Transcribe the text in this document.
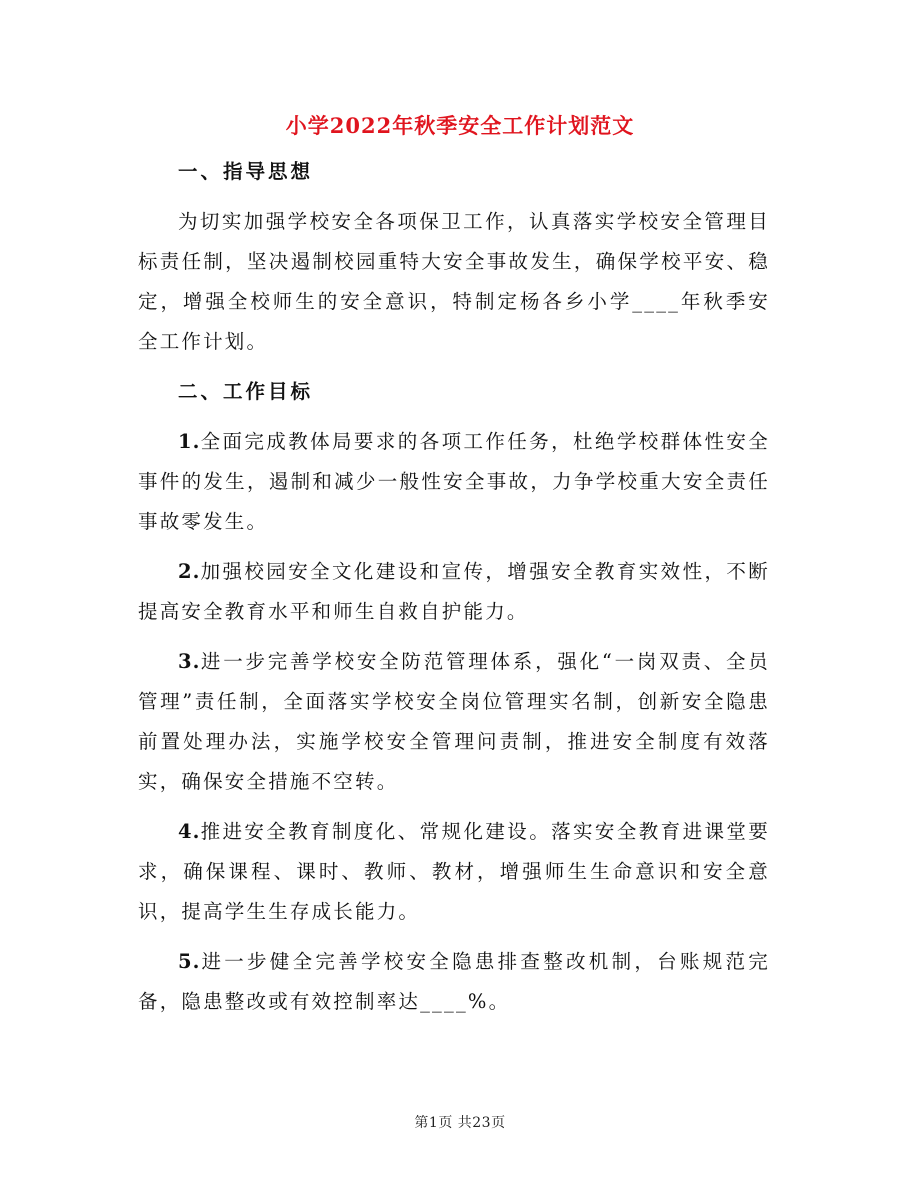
小学2022年秋季安全工作计划范文

一、指导思想

为切实加强学校安全各项保卫工作，认真落实学校安全管理目标责任制，坚决遏制校园重特大安全事故发生，确保学校平安、稳定，增强全校师生的安全意识，特制定杨各乡小学____年秋季安全工作计划。

二、工作目标

1.全面完成教体局要求的各项工作任务，杜绝学校群体性安全事件的发生，遏制和减少一般性安全事故，力争学校重大安全责任事故零发生。

2.加强校园安全文化建设和宣传，增强安全教育实效性，不断提高安全教育水平和师生自救自护能力。

3.进一步完善学校安全防范管理体系，强化“一岗双责、全员管理”责任制，全面落实学校安全岗位管理实名制，创新安全隐患前置处理办法，实施学校安全管理问责制，推进安全制度有效落实，确保安全措施不空转。

4.推进安全教育制度化、常规化建设。落实安全教育进课堂要求，确保课程、课时、教师、教材，增强师生生命意识和安全意识，提高学生生存成长能力。

5.进一步健全完善学校安全隐患排查整改机制，台账规范完备，隐患整改或有效控制率达____%。

第1页 共23页
